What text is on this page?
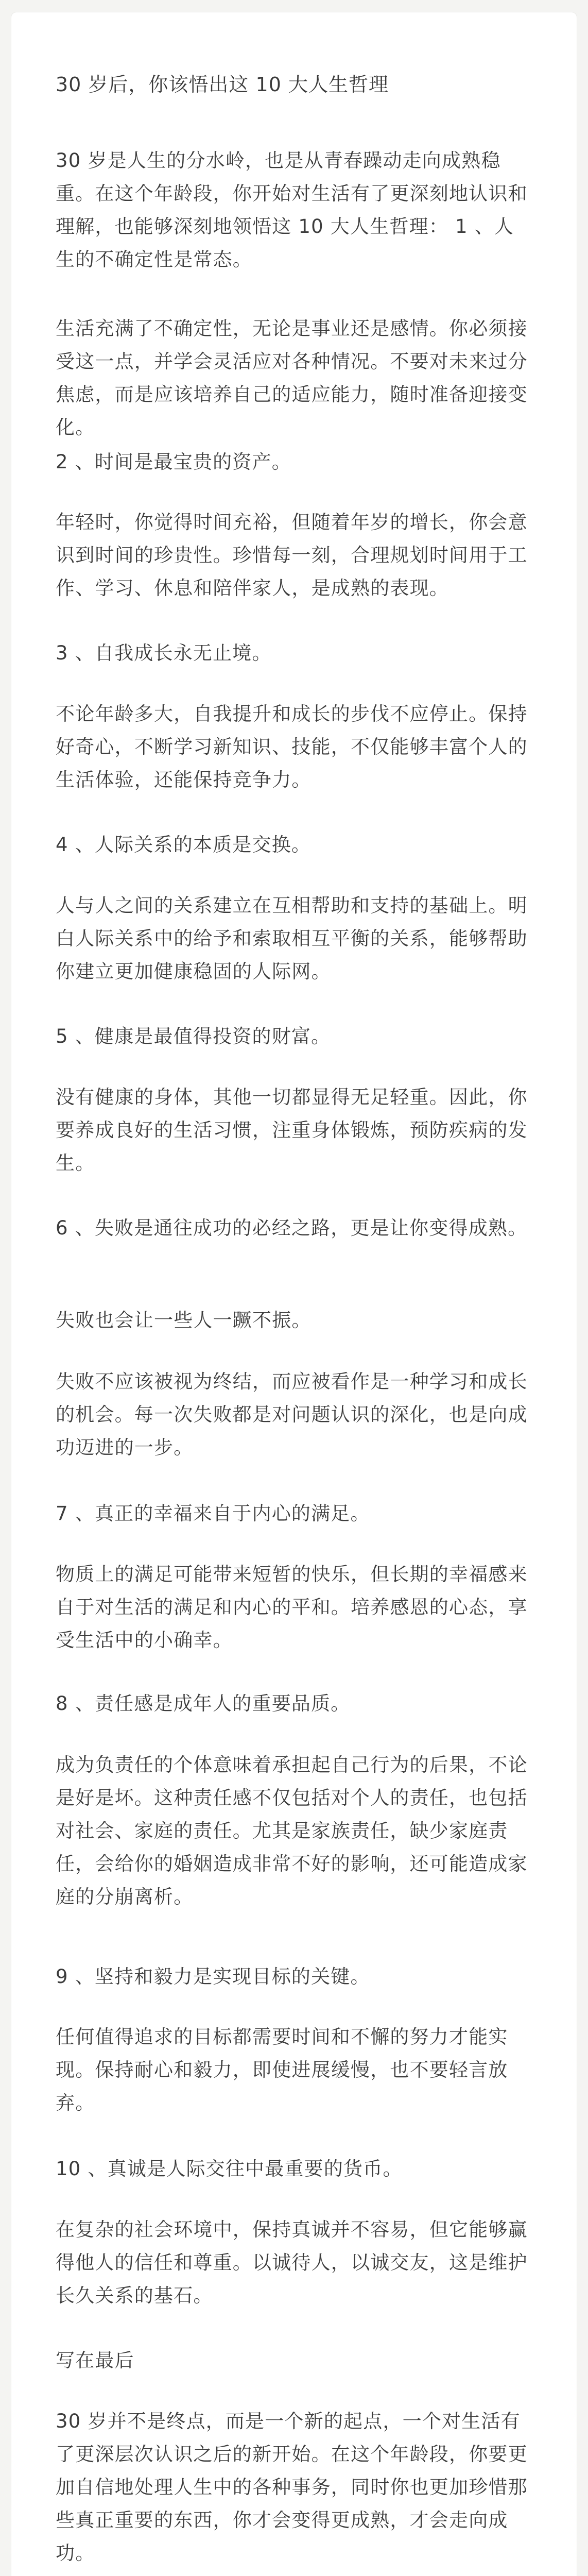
30 岁后，你该悟出这 10 大人生哲理

30 岁是人生的分水岭，也是从青春躁动走向成熟稳重。在这个年龄段，你开始对生活有了更深刻地认识和理解，也能够深刻地领悟这 10 大人生哲理： 1 、人生的不确定性是常态。

生活充满了不确定性，无论是事业还是感情。你必须接受这一点，并学会灵活应对各种情况。不要对未来过分焦虑，而是应该培养自己的适应能力，随时准备迎接变化。

2 、时间是最宝贵的资产。

年轻时，你觉得时间充裕，但随着年岁的增长，你会意识到时间的珍贵性。珍惜每一刻，合理规划时间用于工作、学习、休息和陪伴家人，是成熟的表现。

3 、自我成长永无止境。

不论年龄多大，自我提升和成长的步伐不应停止。保持好奇心，不断学习新知识、技能，不仅能够丰富个人的生活体验，还能保持竞争力。

4 、人际关系的本质是交换。

人与人之间的关系建立在互相帮助和支持的基础上。明白人际关系中的给予和索取相互平衡的关系，能够帮助你建立更加健康稳固的人际网。

5 、健康是最值得投资的财富。

没有健康的身体，其他一切都显得无足轻重。因此，你要养成良好的生活习惯，注重身体锻炼，预防疾病的发生。

6 、失败是通往成功的必经之路，更是让你变得成熟。

失败也会让一些人一蹶不振。

失败不应该被视为终结，而应被看作是一种学习和成长的机会。每一次失败都是对问题认识的深化，也是向成功迈进的一步。

7 、真正的幸福来自于内心的满足。

物质上的满足可能带来短暂的快乐，但长期的幸福感来自于对生活的满足和内心的平和。培养感恩的心态，享受生活中的小确幸。

8 、责任感是成年人的重要品质。

成为负责任的个体意味着承担起自己行为的后果，不论是好是坏。这种责任感不仅包括对个人的责任，也包括对社会、家庭的责任。尤其是家族责任，缺少家庭责任，会给你的婚姻造成非常不好的影响，还可能造成家庭的分崩离析。

9 、坚持和毅力是实现目标的关键。

任何值得追求的目标都需要时间和不懈的努力才能实现。保持耐心和毅力，即使进展缓慢，也不要轻言放弃。

10 、真诚是人际交往中最重要的货币。

在复杂的社会环境中，保持真诚并不容易，但它能够赢得他人的信任和尊重。以诚待人，以诚交友，这是维护长久关系的基石。

写在最后

30 岁并不是终点，而是一个新的起点，一个对生活有了更深层次认识之后的新开始。在这个年龄段，你要更加自信地处理人生中的各种事务，同时你也更加珍惜那些真正重要的东西，你才会变得更成熟，才会走向成功。
